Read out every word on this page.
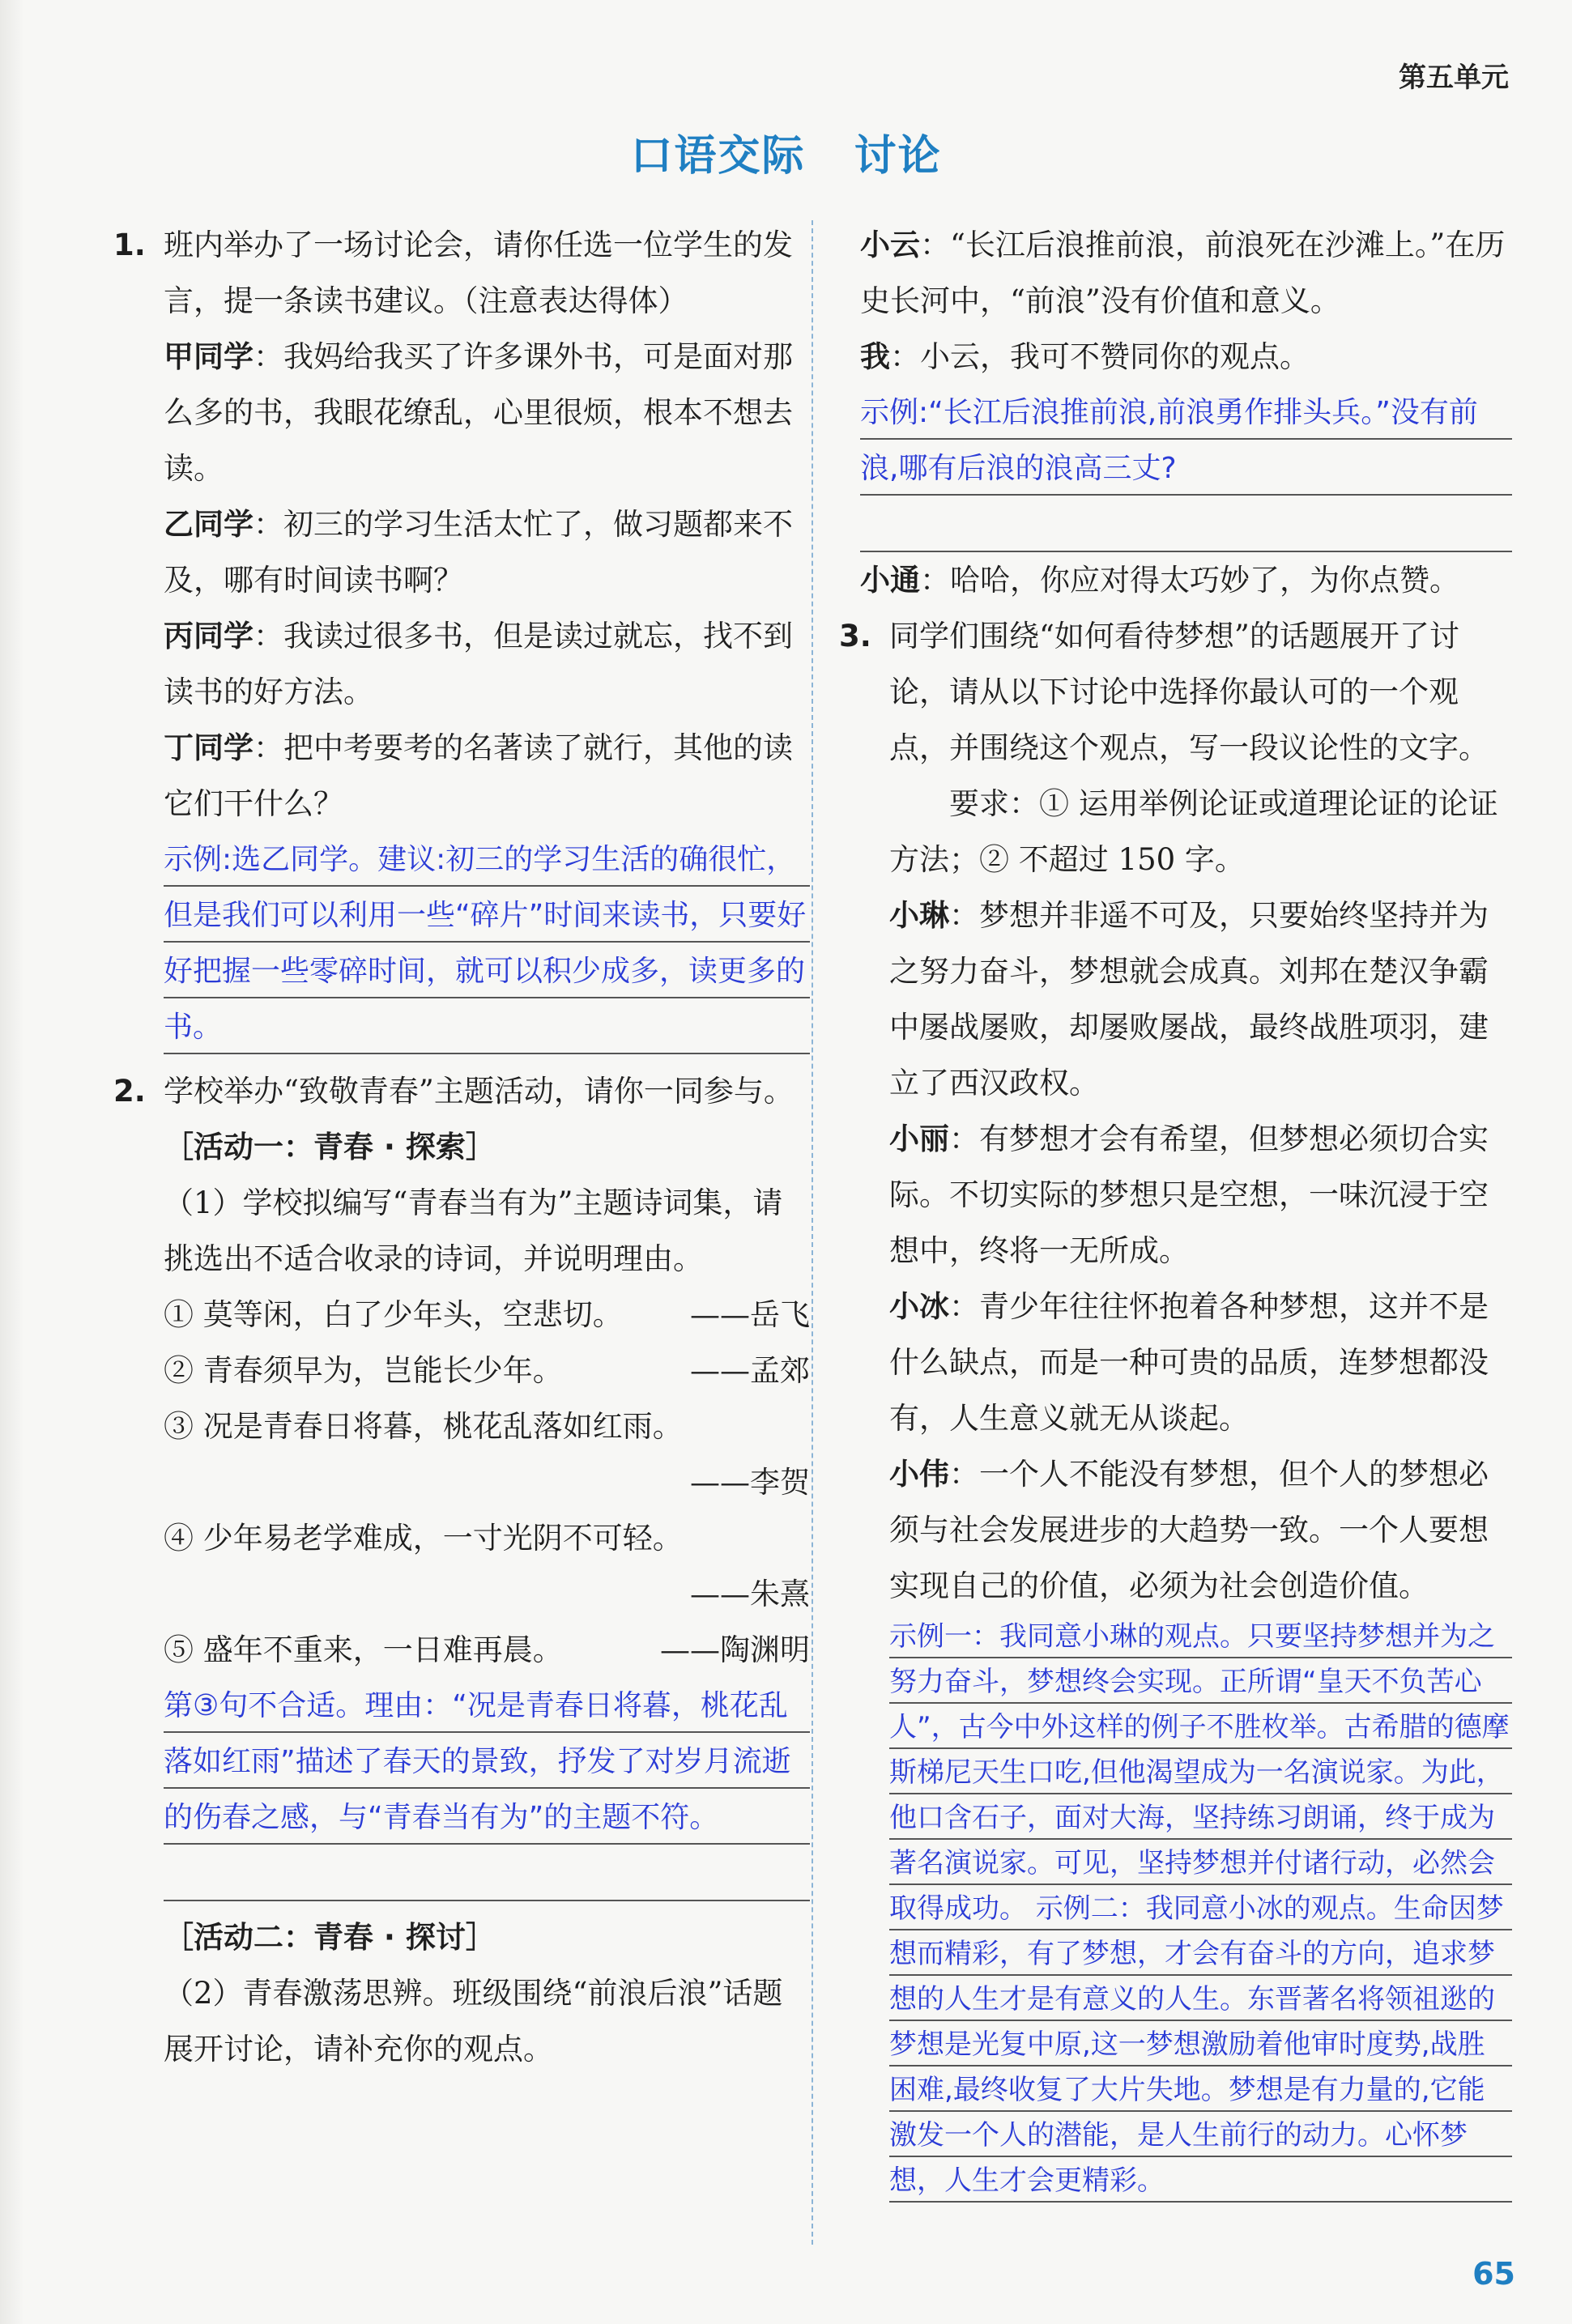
第五单元
口语交际 讨论
1. 班内举办了一场讨论会，请你任选一位学生的发言，提一条读书建议。（注意表达得体）
甲同学：我妈给我买了许多课外书，可是面对那么多的书，我眼花缭乱，心里很烦，根本不想去读。
乙同学：初三的学习生活太忙了，做习题都来不及，哪有时间读书啊？
丙同学：我读过很多书，但是读过就忘，找不到读书的好方法。
丁同学：把中考要考的名著读了就行，其他的读它们干什么？

示例:选乙同学。建议:初三的学习生活的确很忙，但是我们可以利用一些“碎片”时间来读书，只要好好把握一些零碎时间，就可以积少成多，读更多的书。

2. 学校举办“致敬青春”主题活动，请你一同参与。
［活动一：青春 · 探索］
（1）学校拟编写“青春当有为”主题诗词集，请挑选出不适合收录的诗词，并说明理由。
① 莫等闲，白了少年头，空悲切。 ——岳飞
② 青春须早为，岂能长少年。	——孟郊
③ 况是青春日将暮，桃花乱落如红雨。
——李贺
④ 少年易老学难成，一寸光阴不可轻。
——朱熹
⑤ 盛年不重来，一日难再晨。	——陶渊明

第③句不合适。理由：“况是青春日将暮，桃花乱落如红雨”描述了春天的景致，抒发了对岁月流逝的伤春之感，与“青春当有为”的主题不符。

［活动二：青春 · 探讨］
（2）青春激荡思辨。班级围绕“前浪后浪”话题展开讨论，请补充你的观点。
小云：“长江后浪推前浪，前浪死在沙滩上。”在历史长河中，“前浪”没有价值和意义。
我：小云，我可不赞同你的观点。

示例:“长江后浪推前浪,前浪勇作排头兵。”没有前浪,哪有后浪的浪高三丈?

小通：哈哈，你应对得太巧妙了，为你点赞。
3. 同学们围绕“如何看待梦想”的话题展开了讨论，请从以下讨论中选择你最认可的一个观点，并围绕这个观点，写一段议论性的文字。
要求：① 运用举例论证或道理论证的论证方法；② 不超过 150 字。
小琳：梦想并非遥不可及，只要始终坚持并为之努力奋斗，梦想就会成真。刘邦在楚汉争霸中屡战屡败，却屡败屡战，最终战胜项羽，建立了西汉政权。
小丽：有梦想才会有希望，但梦想必须切合实际。不切实际的梦想只是空想，一味沉浸于空想中，终将一无所成。
小冰：青少年往往怀抱着各种梦想，这并不是什么缺点，而是一种可贵的品质，连梦想都没有，人生意义就无从谈起。
小伟：一个人不能没有梦想，但个人的梦想必须与社会发展进步的大趋势一致。一个人要想实现自己的价值，必须为社会创造价值。

示例一：我同意小琳的观点。只要坚持梦想并为之努力奋斗，梦想终会实现。正所谓“皇天不负苦心人”，古今中外这样的例子不胜枚举。古希腊的德摩斯梯尼天生口吃,但他渴望成为一名演说家。为此，他口含石子，面对大海，坚持练习朗诵，终于成为著名演说家。可见，坚持梦想并付诸行动，必然会取得成功。 示例二：我同意小冰的观点。生命因梦想而精彩，有了梦想，才会有奋斗的方向，追求梦想的人生才是有意义的人生。东晋著名将领祖逖的梦想是光复中原,这一梦想激励着他审时度势,战胜困难,最终收复了大片失地。梦想是有力量的,它能激发一个人的潜能，是人生前行的动力。心怀梦想，人生才会更精彩。

65
